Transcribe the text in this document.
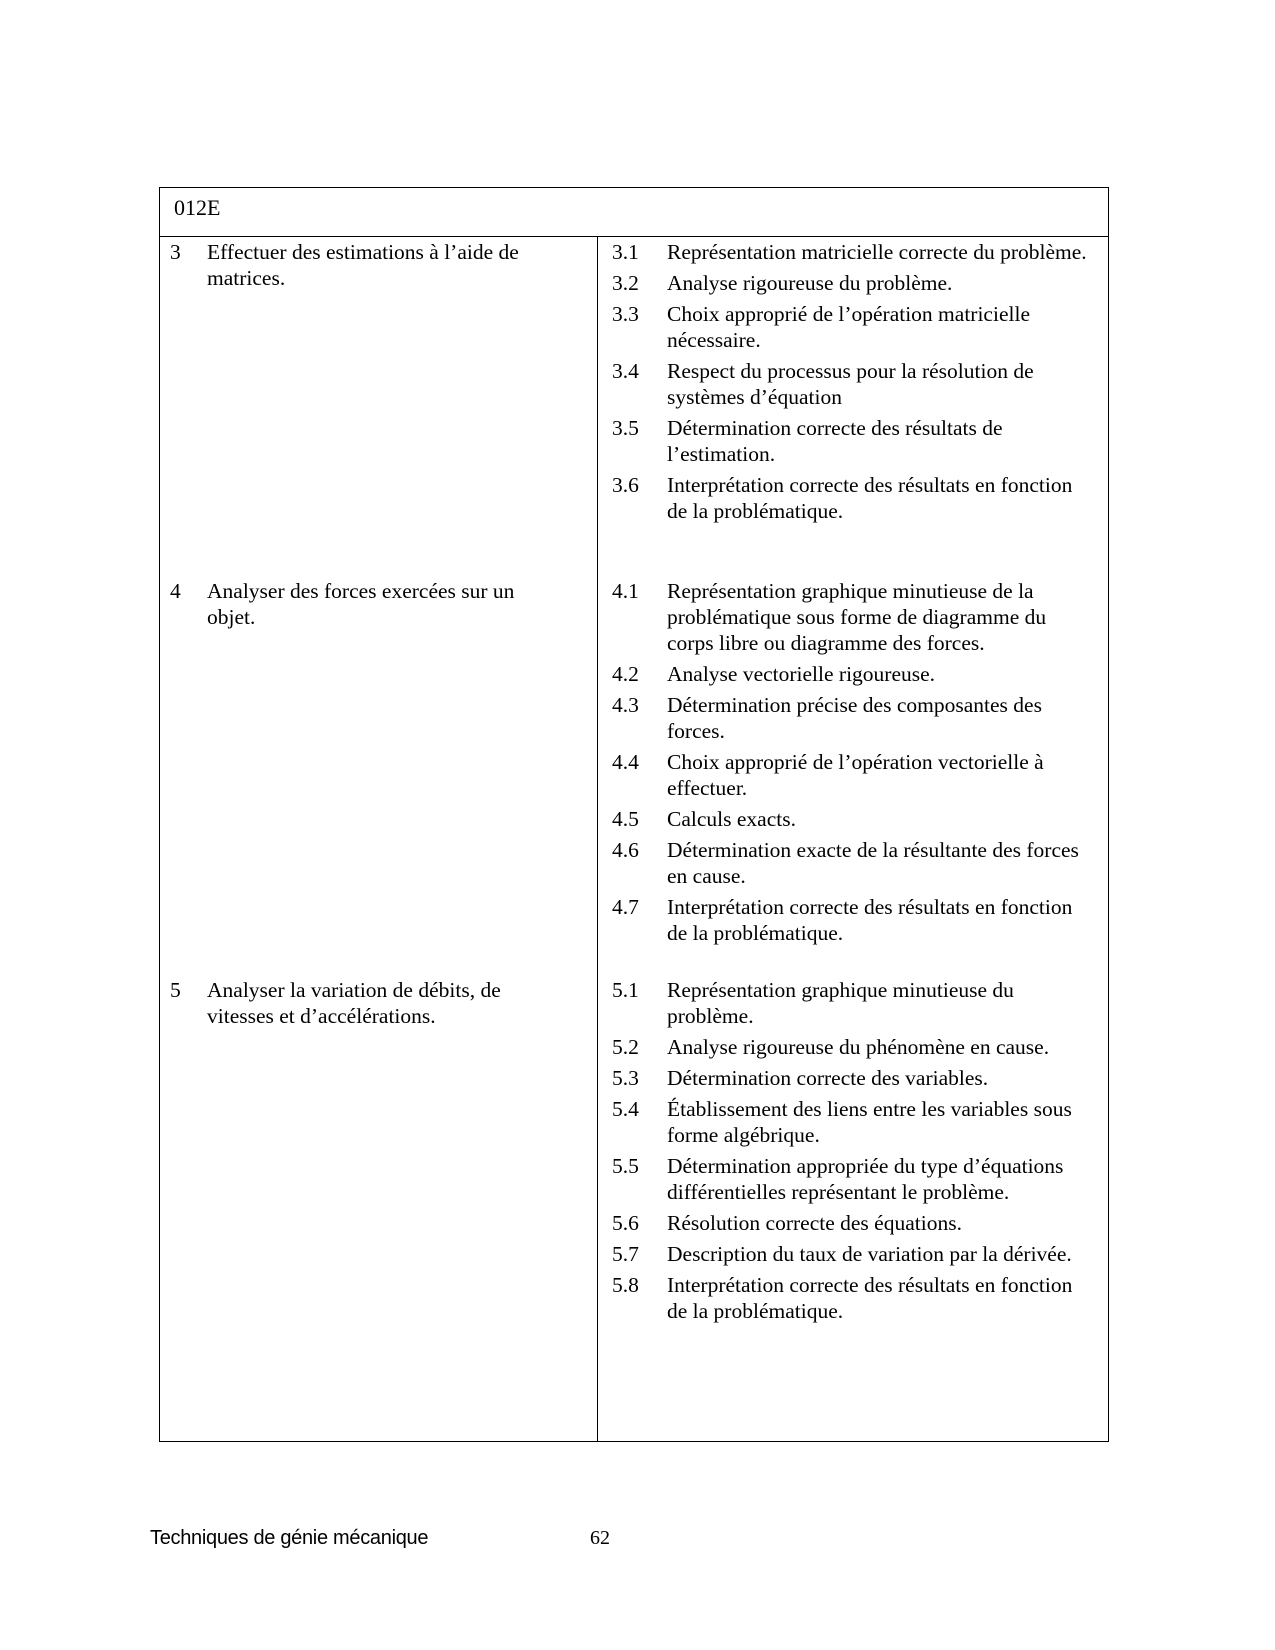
012E
3 Effectuer des estimations à l’aide de matrices.
3.1 Représentation matricielle correcte du problème.
3.2 Analyse rigoureuse du problème.
3.3 Choix approprié de l’opération matricielle nécessaire.
3.4 Respect du processus pour la résolution de systèmes d’équation
3.5 Détermination correcte des résultats de l’estimation.
3.6 Interprétation correcte des résultats en fonction de la problématique.
4 Analyser des forces exercées sur un objet.
4.1 Représentation graphique minutieuse de la problématique sous forme de diagramme du corps libre ou diagramme des forces.
4.2 Analyse vectorielle rigoureuse.
4.3 Détermination précise des composantes des forces.
4.4 Choix approprié de l’opération vectorielle à effectuer.
4.5 Calculs exacts.
4.6 Détermination exacte de la résultante des forces en cause.
4.7 Interprétation correcte des résultats en fonction de la problématique.
5 Analyser la variation de débits, de vitesses et d’accélérations.
5.1 Représentation graphique minutieuse du problème.
5.2 Analyse rigoureuse du phénomène en cause.
5.3 Détermination correcte des variables.
5.4 Établissement des liens entre les variables sous forme algébrique.
5.5 Détermination appropriée du type d’équations différentielles représentant le problème.
5.6 Résolution correcte des équations.
5.7 Description du taux de variation par la dérivée.
5.8 Interprétation correcte des résultats en fonction de la problématique.
Techniques de génie mécanique	62
